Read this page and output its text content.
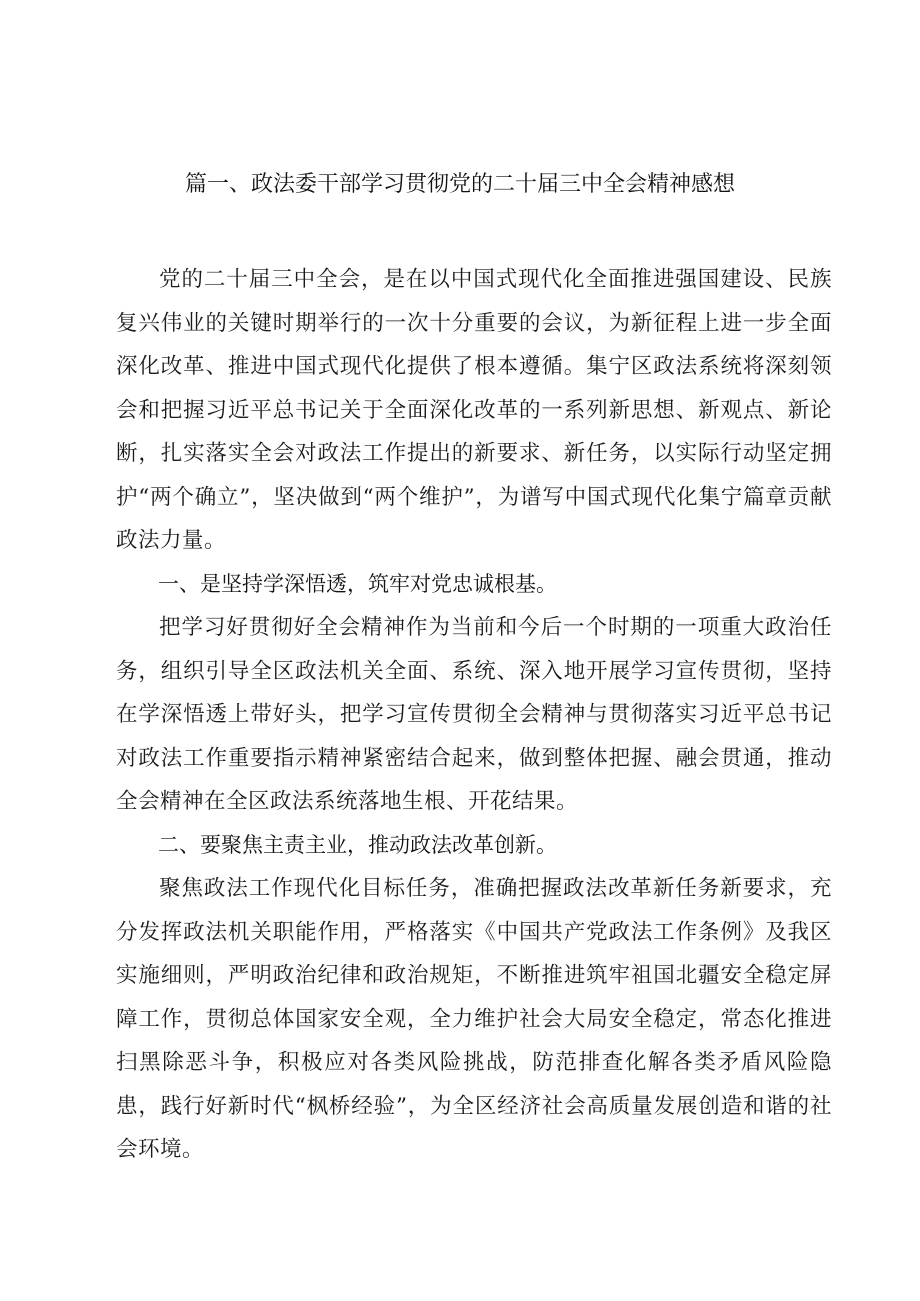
篇一、政法委干部学习贯彻党的二十届三中全会精神感想

党的二十届三中全会，是在以中国式现代化全面推进强国建设、民族复兴伟业的关键时期举行的一次十分重要的会议，为新征程上进一步全面深化改革、推进中国式现代化提供了根本遵循。集宁区政法系统将深刻领会和把握习近平总书记关于全面深化改革的一系列新思想、新观点、新论断，扎实落实全会对政法工作提出的新要求、新任务，以实际行动坚定拥护“两个确立”，坚决做到“两个维护”，为谱写中国式现代化集宁篇章贡献政法力量。

一、是坚持学深悟透，筑牢对党忠诚根基。

把学习好贯彻好全会精神作为当前和今后一个时期的一项重大政治任务，组织引导全区政法机关全面、系统、深入地开展学习宣传贯彻，坚持在学深悟透上带好头，把学习宣传贯彻全会精神与贯彻落实习近平总书记对政法工作重要指示精神紧密结合起来，做到整体把握、融会贯通，推动全会精神在全区政法系统落地生根、开花结果。

二、要聚焦主责主业，推动政法改革创新。

聚焦政法工作现代化目标任务，准确把握政法改革新任务新要求，充分发挥政法机关职能作用，严格落实《中国共产党政法工作条例》及我区实施细则，严明政治纪律和政治规矩，不断推进筑牢祖国北疆安全稳定屏障工作，贯彻总体国家安全观，全力维护社会大局安全稳定，常态化推进扫黑除恶斗争，积极应对各类风险挑战，防范排查化解各类矛盾风险隐患，践行好新时代“枫桥经验”，为全区经济社会高质量发展创造和谐的社会环境。
